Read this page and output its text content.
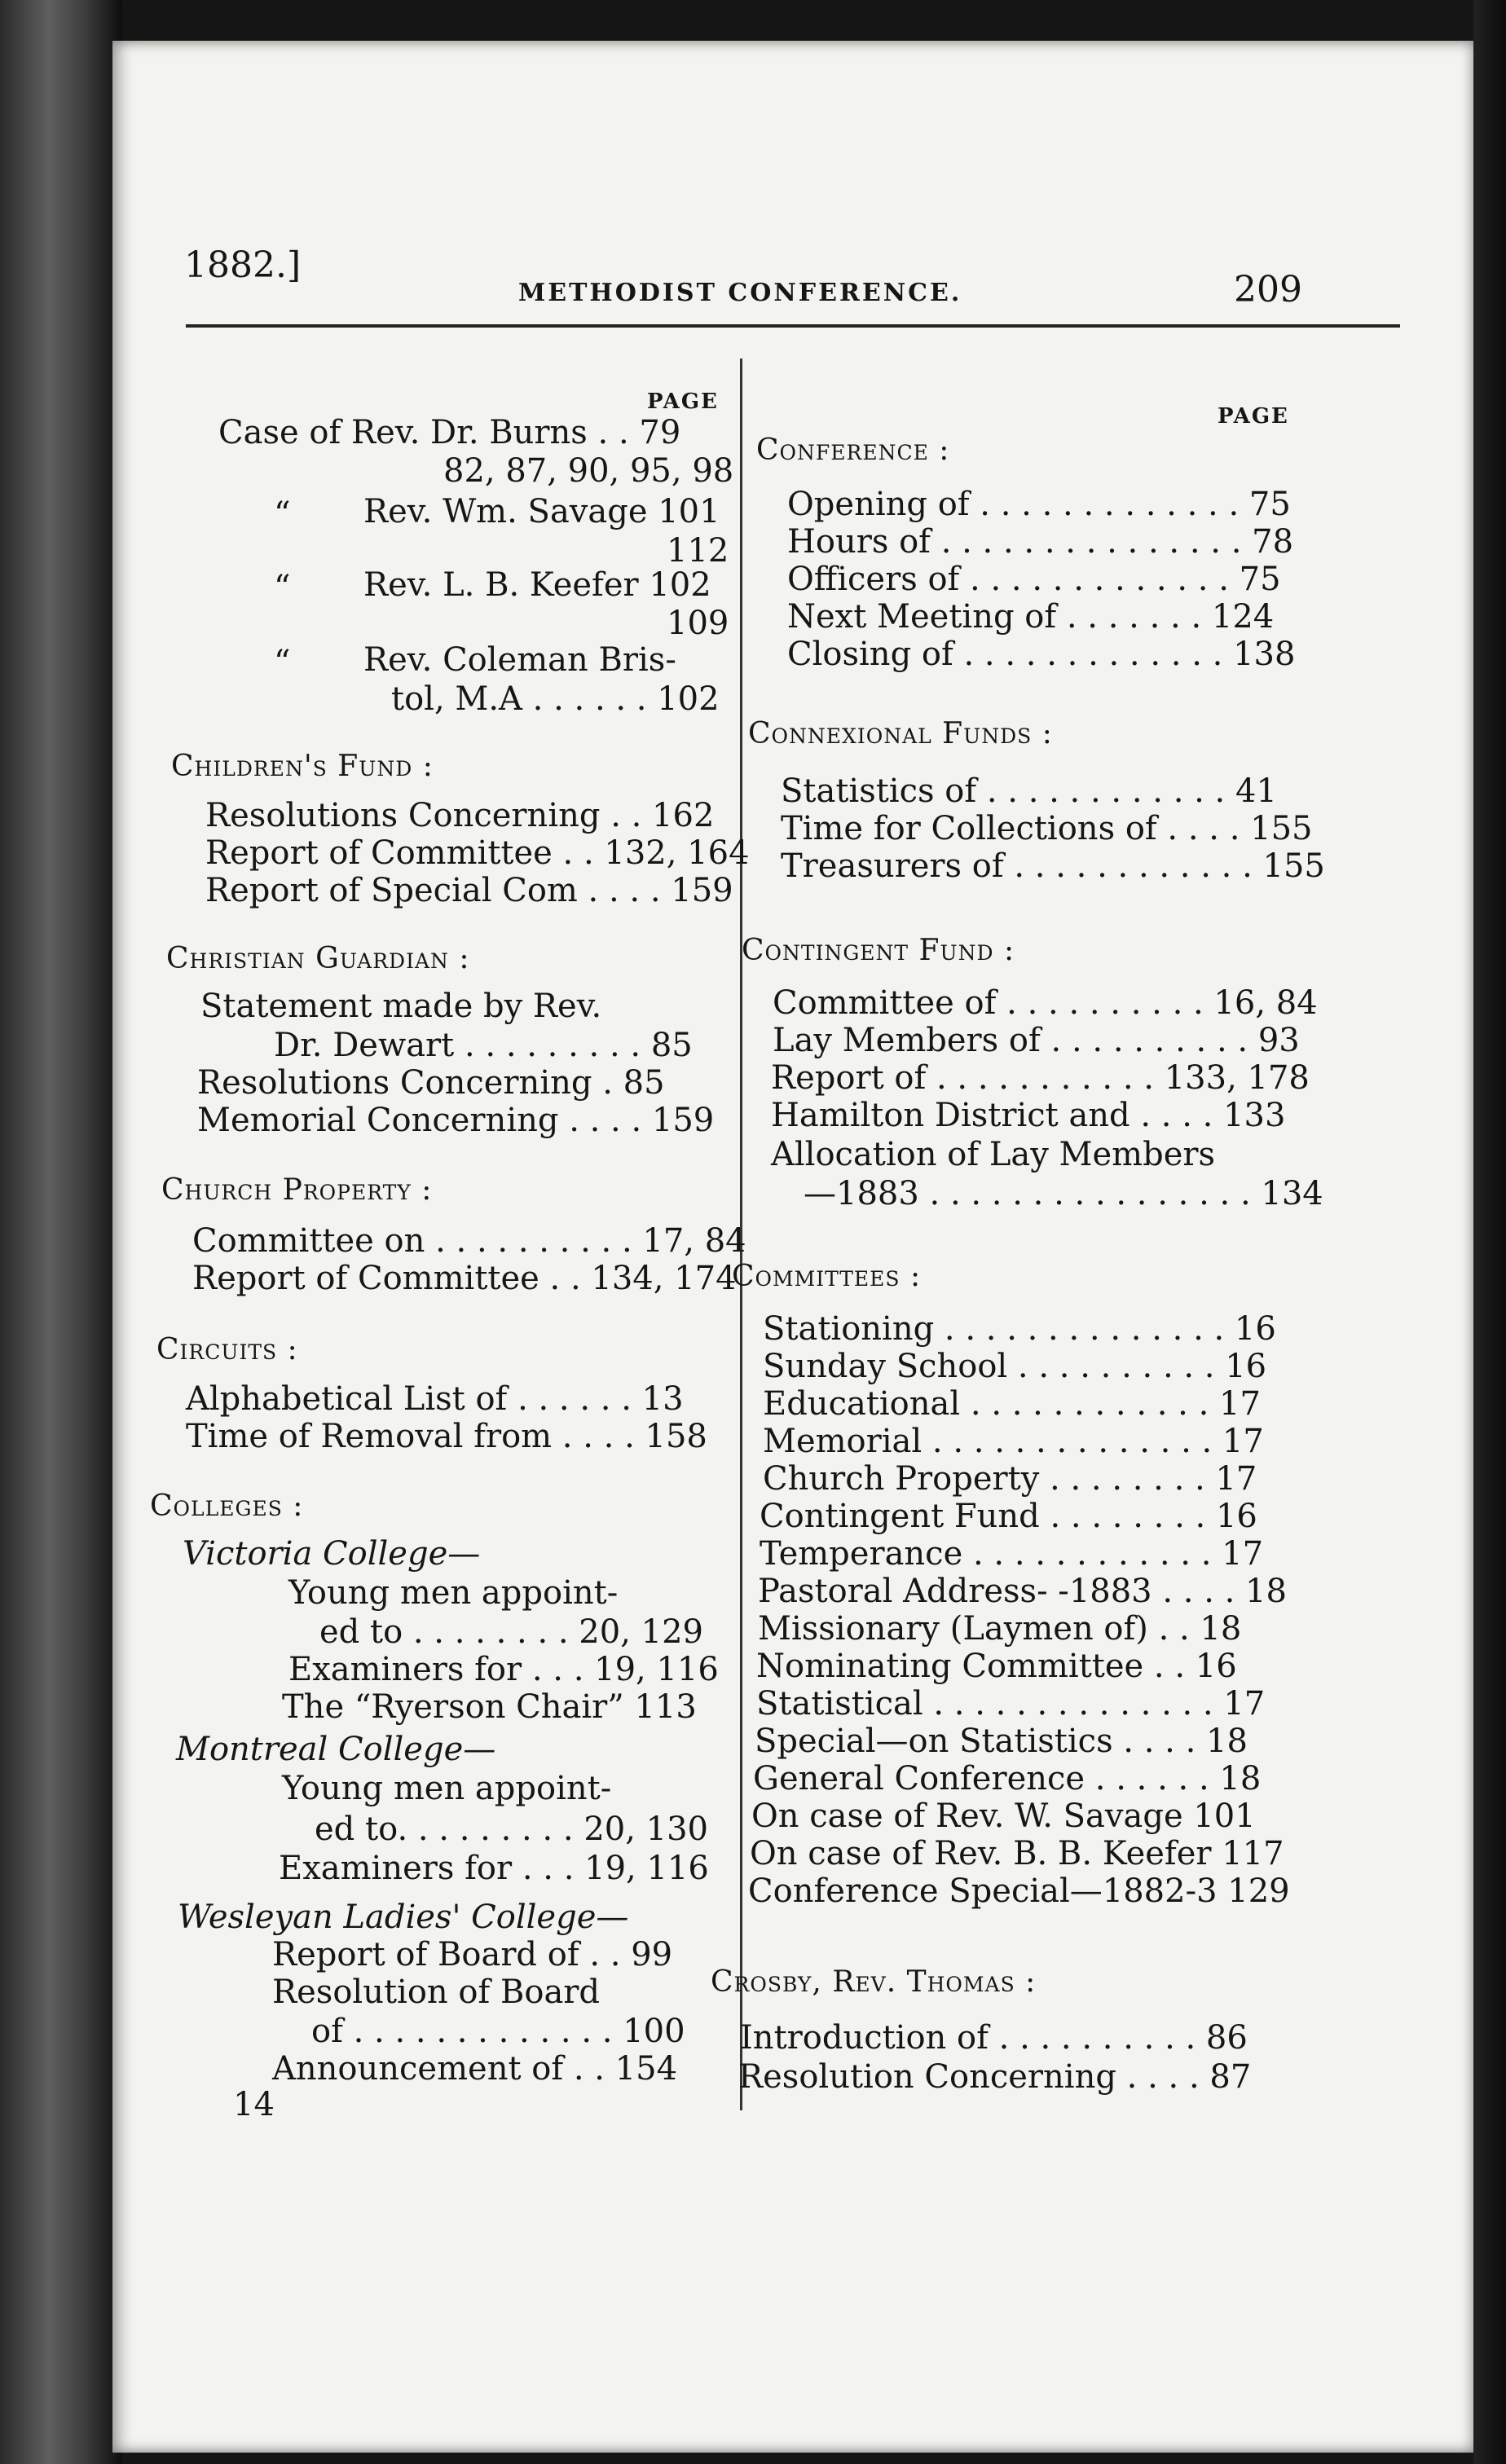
1882.]
METHODIST CONFERENCE.	209
PAGE
Case of Rev. Dr. Burns . . 79
82, 87, 90, 95, 98
“ Rev. Wm. Savage 101
112
“ Rev. L. B. Keefer 102
109
“ Rev. Coleman Bris-
tol, M.A . . . . . . 102
Children's Fund :
Resolutions Concerning . . 162
Report of Committee . . 132, 164
Report of Special Com . . . . 159
Christian Guardian :
Statement made by Rev.
Dr. Dewart . . . . . . . . . 85
Resolutions Concerning . 85
Memorial Concerning . . . . 159
Church Property :
Committee on . . . . . . . . . . 17, 84
Report of Committee . . 134, 174
Circuits :
Alphabetical List of . . . . . . 13
Time of Removal from . . . . 158
Colleges :
Victoria College—
Young men appoint-
ed to . . . . . . . . 20, 129
Examiners for . . . 19, 116
The “Ryerson Chair” 113
Montreal College—
Young men appoint-
ed to. . . . . . . . . 20, 130
Examiners for . . . 19, 116
Wesleyan Ladies' College—
Report of Board of . . 99
Resolution of Board
of . . . . . . . . . . . . . 100
Announcement of . . 154
14
PAGE
Conference :
Opening of . . . . . . . . . . . . . 75
Hours of . . . . . . . . . . . . . . . 78
Officers of . . . . . . . . . . . . . 75
Next Meeting of . . . . . . . 124
Closing of . . . . . . . . . . . . . 138
Connexional Funds :
Statistics of . . . . . . . . . . . . 41
Time for Collections of . . . . 155
Treasurers of . . . . . . . . . . . . 155
Contingent Fund :
Committee of . . . . . . . . . . 16, 84
Lay Members of . . . . . . . . . . 93
Report of . . . . . . . . . . . 133, 178
Hamilton District and . . . . 133
Allocation of Lay Members
—1883 . . . . . . . . . . . . . . . . 134
Committees :
Stationing . . . . . . . . . . . . . . 16
Sunday School . . . . . . . . . . 16
Educational . . . . . . . . . . . . 17
Memorial . . . . . . . . . . . . . . 17
Church Property . . . . . . . . 17
Contingent Fund . . . . . . . . 16
Temperance . . . . . . . . . . . . 17
Pastoral Address- -1883 . . . . 18
Missionary (Laymen of) . . 18
Nominating Committee . . 16
Statistical . . . . . . . . . . . . . . 17
Special—on Statistics . . . . 18
General Conference . . . . . . 18
On case of Rev. W. Savage 101
On case of Rev. B. B. Keefer 117
Conference Special—1882-3 129
Crosby, Rev. Thomas :
Introduction of . . . . . . . . . . 86
Resolution Concerning . . . . 87
